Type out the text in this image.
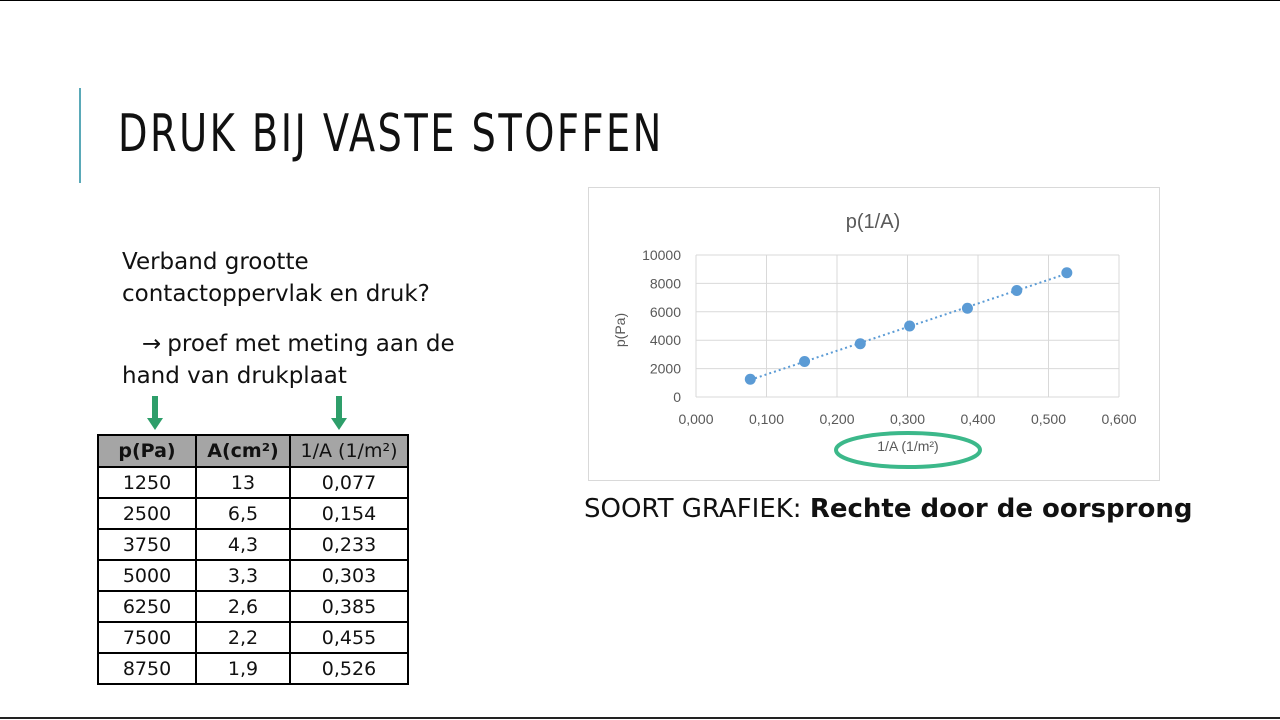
DRUK BIJ VASTE STOFFEN
Verband grootte contactoppervlak en druk?
→ proef met meting aan de hand van drukplaat
p(Pa)	A(cm²)	1/A (1/m²)
1250	13	0,077
2500	6,5	0,154
3750	4,3	0,233
5000	3,3	0,303
6250	2,6	0,385
7500	2,2	0,455
8750	1,9	0,526
p(1/A)
0,000	0,100	0,200	0,300	0,400	0,500	0,600
0
2000
4000
6000
8000
10000
p(Pa)
1/A (1/m²)
SOORT GRAFIEK: Rechte door de oorsprong
